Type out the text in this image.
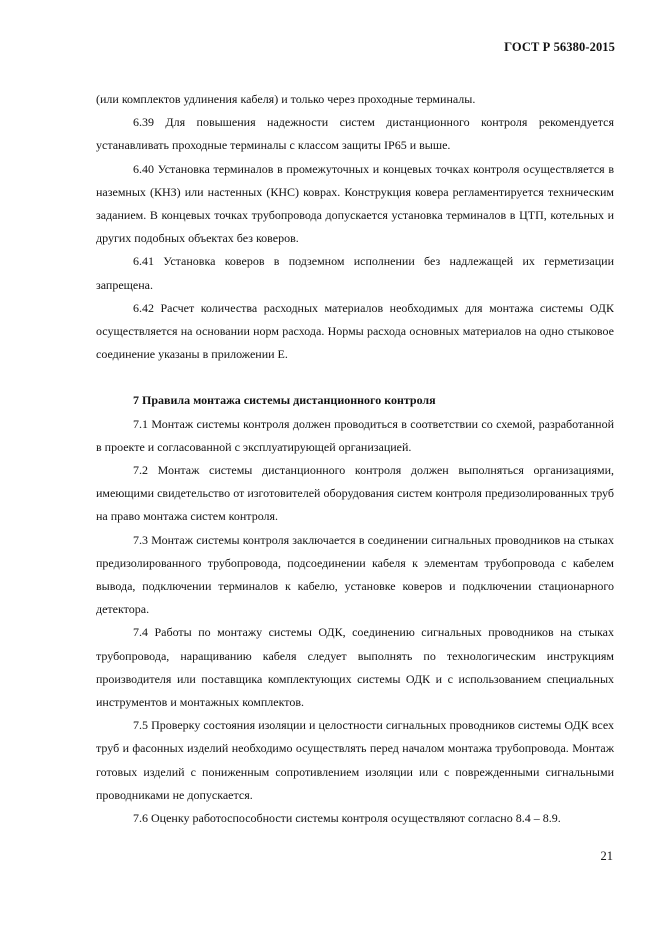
ГОСТ Р 56380-2015

(или комплектов удлинения кабеля) и только через проходные терминалы.

6.39 Для повышения надежности систем дистанционного контроля рекомендуется устанавливать проходные терминалы с классом защиты IP65 и выше.

6.40 Установка терминалов в промежуточных и концевых точках контроля осуществляется в наземных (КНЗ) или настенных (КНС) коврах. Конструкция ковера регламентируется техническим заданием. В концевых точках трубопровода допускается установка терминалов в ЦТП, котельных и других подобных объектах без коверов.

6.41 Установка коверов в подземном исполнении без надлежащей их герметизации запрещена.

6.42 Расчет количества расходных материалов необходимых для монтажа системы ОДК осуществляется на основании норм расхода. Нормы расхода основных материалов на одно стыковое соединение указаны в приложении Е.

7 Правила монтажа системы дистанционного контроля

7.1 Монтаж системы контроля должен проводиться в соответствии со схемой, разработанной в проекте и согласованной с эксплуатирующей организацией.

7.2 Монтаж системы дистанционного контроля должен выполняться организациями, имеющими свидетельство от изготовителей оборудования систем контроля предизолированных труб на право монтажа систем контроля.

7.3 Монтаж системы контроля заключается в соединении сигнальных проводников на стыках предизолированного трубопровода, подсоединении кабеля к элементам трубопровода с кабелем вывода, подключении терминалов к кабелю, установке коверов и подключении стационарного детектора.

7.4 Работы по монтажу системы ОДК, соединению сигнальных проводников на стыках трубопровода, наращиванию кабеля следует выполнять по технологическим инструкциям производителя или поставщика комплектующих системы ОДК и с использованием специальных инструментов и монтажных комплектов.

7.5 Проверку состояния изоляции и целостности сигнальных проводников системы ОДК всех труб и фасонных изделий необходимо осуществлять перед началом монтажа трубопровода. Монтаж готовых изделий с пониженным сопротивлением изоляции или с поврежденными сигнальными проводниками не допускается.

7.6 Оценку работоспособности системы контроля осуществляют согласно 8.4 – 8.9.

21
